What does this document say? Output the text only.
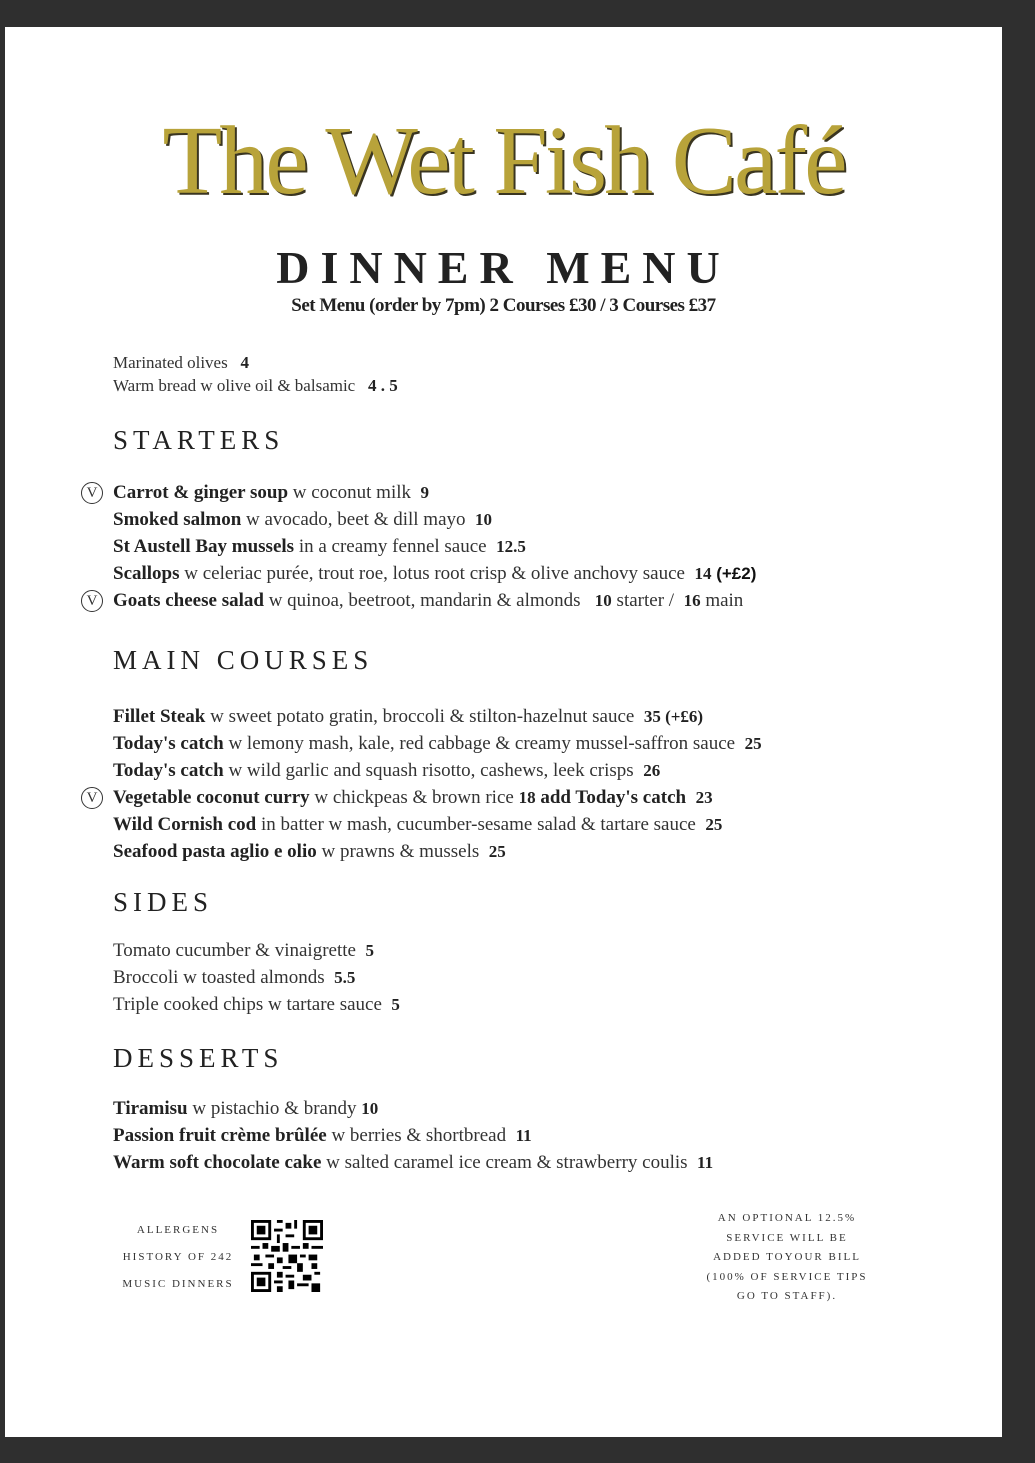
The Wet Fish Café
DINNER MENU
Set Menu (order by 7pm) 2 Courses £30 / 3 Courses £37
Marinated olives 4
Warm bread w olive oil & balsamic 4 . 5
STARTERS
V Carrot & ginger soup w coconut milk 9
Smoked salmon w avocado, beet & dill mayo 10
St Austell Bay mussels in a creamy fennel sauce 12.5
Scallops w celeriac purée, trout roe, lotus root crisp & olive anchovy sauce 14 (+£2)
V Goats cheese salad w quinoa, beetroot, mandarin & almonds 10 starter / 16 main
MAIN COURSES
Fillet Steak w sweet potato gratin, broccoli & stilton-hazelnut sauce 35 (+£6)
Today's catch w lemony mash, kale, red cabbage & creamy mussel-saffron sauce 25
Today's catch w wild garlic and squash risotto, cashews, leek crisps 26
V Vegetable coconut curry w chickpeas & brown rice 18 add Today's catch 23
Wild Cornish cod in batter w mash, cucumber-sesame salad & tartare sauce 25
Seafood pasta aglio e olio w prawns & mussels 25
SIDES
Tomato cucumber & vinaigrette 5
Broccoli w toasted almonds 5.5
Triple cooked chips w tartare sauce 5
DESSERTS
Tiramisu w pistachio & brandy 10
Passion fruit crème brûlée w berries & shortbread 11
Warm soft chocolate cake w salted caramel ice cream & strawberry coulis 11
ALLERGENS
HISTORY OF 242
MUSIC DINNERS
AN OPTIONAL 12.5%
SERVICE WILL BE
ADDED TOYOUR BILL
(100% OF SERVICE TIPS
GO TO STAFF).
